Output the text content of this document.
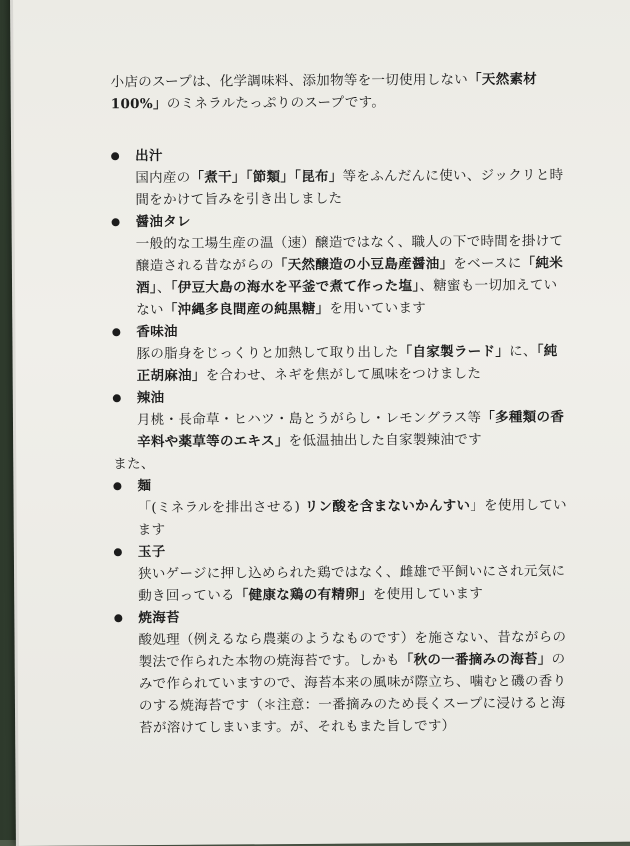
小店のスープは、化学調味料、添加物等を一切使用しない「天然素材100%」のミネラルたっぷりのスープです。

出汁
国内産の「煮干」「節類」「昆布」等をふんだんに使い、ジックリと時間をかけて旨みを引き出しました
醤油タレ
一般的な工場生産の温（速）醸造ではなく、職人の下で時間を掛けて醸造される昔ながらの「天然醸造の小豆島産醤油」をベースに「純米酒」、「伊豆大島の海水を平釜で煮て作った塩」、糖蜜も一切加えていない「沖縄多良間産の純黒糖」を用いています
香味油
豚の脂身をじっくりと加熱して取り出した「自家製ラード」に、「純正胡麻油」を合わせ、ネギを焦がして風味をつけました
辣油
月桃・長命草・ヒハツ・島とうがらし・レモングラス等「多種類の香辛料や薬草等のエキス」を低温抽出した自家製辣油です
また、
麺
「(ミネラルを排出させる) リン酸を含まないかんすい」を使用しています
玉子
狭いゲージに押し込められた鶏ではなく、雌雄で平飼いにされ元気に動き回っている「健康な鶏の有精卵」を使用しています
焼海苔
酸処理（例えるなら農薬のようなものです）を施さない、昔ながらの製法で作られた本物の焼海苔です。しかも「秋の一番摘みの海苔」のみで作られていますので、海苔本来の風味が際立ち、噛むと磯の香りのする焼海苔です（＊注意：一番摘みのため長くスープに浸けると海苔が溶けてしまいます。が、それもまた旨しです）
